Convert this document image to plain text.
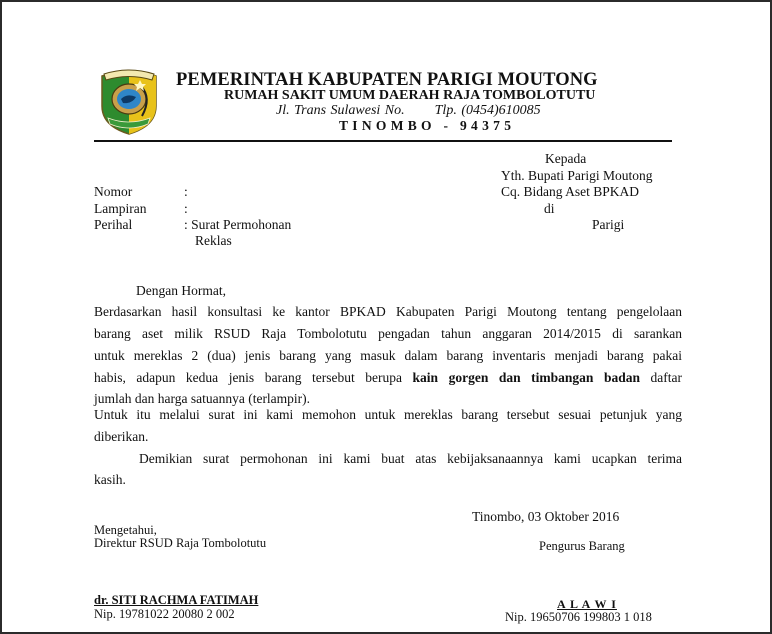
PEMERINTAH KABUPATEN PARIGI MOUTONG
RUMAH SAKIT UMUM DAERAH RAJA TOMBOLOTUTU
Jl. Trans Sulawesi No. Tlp. (0454)610085
TINOMBO - 94375
Kepada
Yth. Bupati Parigi Moutong
Cq. Bidang Aset BPKAD
di
Parigi
Nomor	:
Lampiran	:
Perihal	: Surat Permohonan
Reklas
Dengan Hormat,
Berdasarkan hasil konsultasi ke kantor BPKAD Kabupaten Parigi Moutong tentang pengelolaan
barang aset milik RSUD Raja Tombolotutu pengadan tahun anggaran 2014/2015 di sarankan
untuk mereklas 2 (dua) jenis barang yang masuk dalam barang inventaris menjadi barang pakai
habis, adapun kedua jenis barang tersebut berupa kain gorgen dan timbangan badan daftar
jumlah dan harga satuannya (terlampir).
Untuk itu melalui surat ini kami memohon untuk mereklas barang tersebut sesuai petunjuk yang
diberikan.
Demikian surat permohonan ini kami buat atas kebijaksanaannya kami ucapkan terima
kasih.
Tinombo, 03 Oktober 2016
Mengetahui,
Direktur RSUD Raja Tombolotutu
dr. SITI RACHMA FATIMAH
Nip. 19781022 20080 2 002
Pengurus Barang
A L A W I
Nip. 19650706 199803 1 018
